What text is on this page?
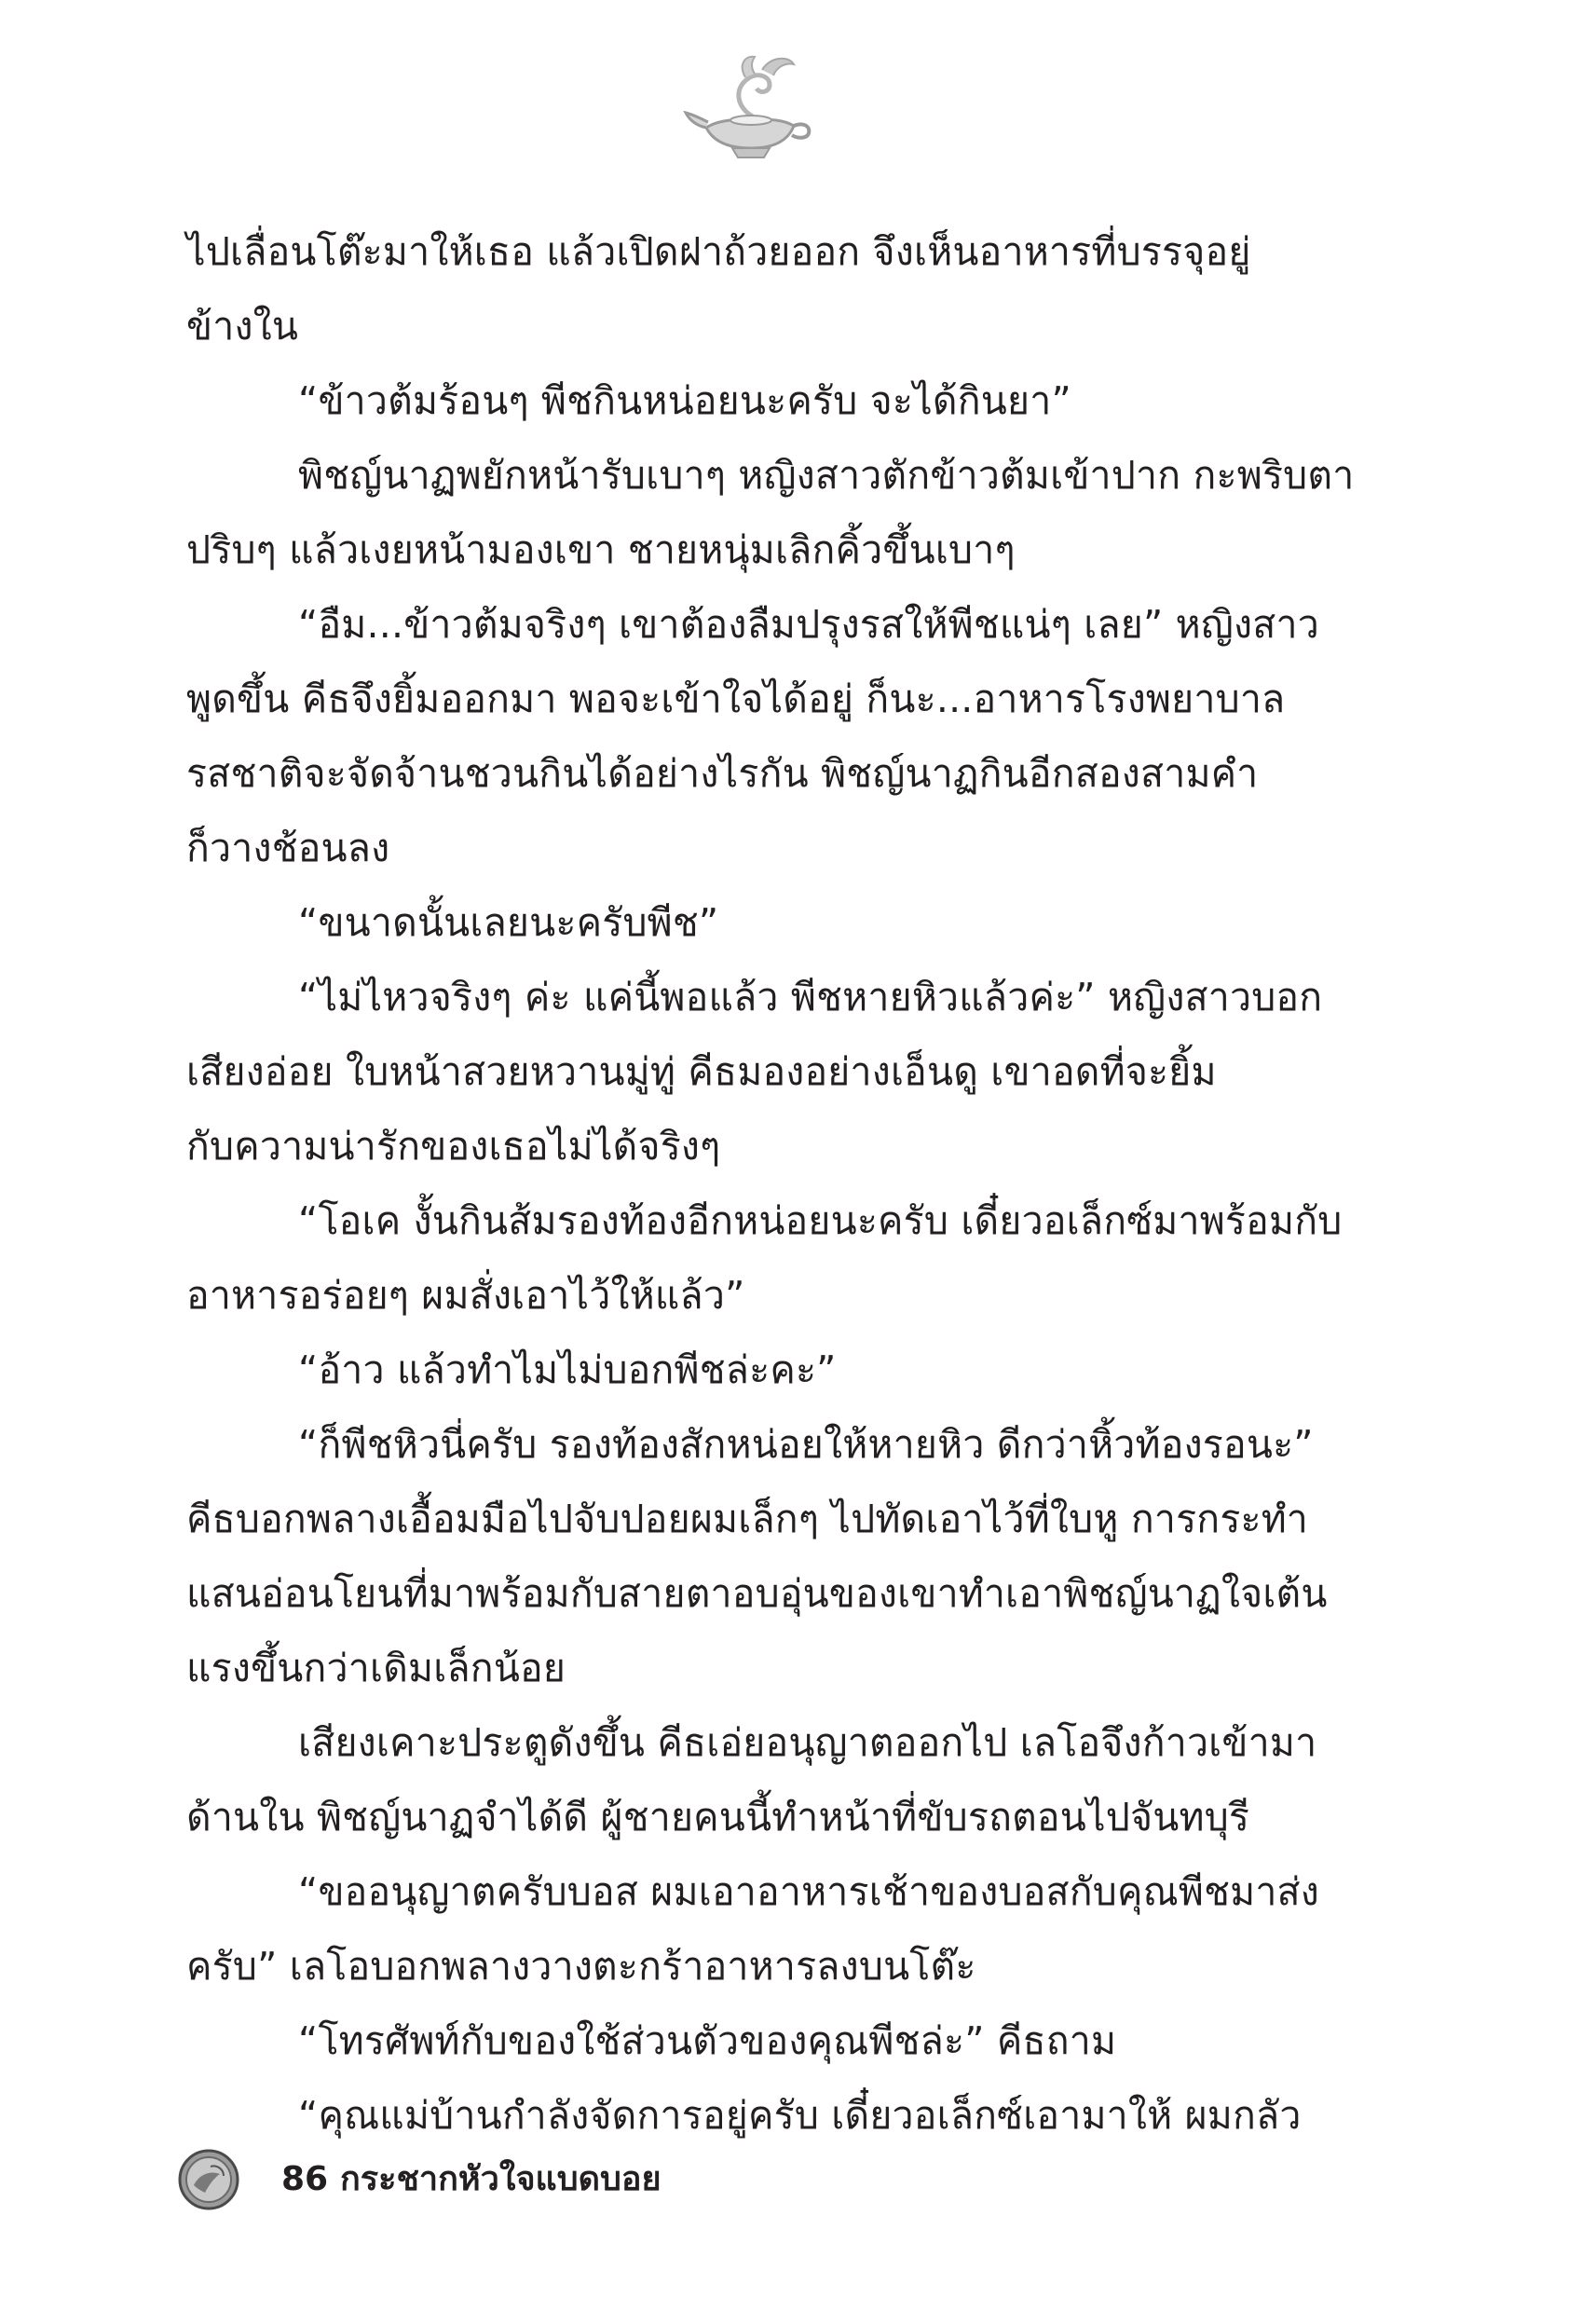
ไปเลื่อนโต๊ะมาให้เธอ แล้วเปิดฝาถ้วยออก จึงเห็นอาหารที่บรรจุอยู่
ข้างใน
“ข้าวต้มร้อนๆ พีชกินหน่อยนะครับ จะได้กินยา”
พิชญ์นาฏพยักหน้ารับเบาๆ หญิงสาวตักข้าวต้มเข้าปาก กะพริบตา
ปริบๆ แล้วเงยหน้ามองเขา ชายหนุ่มเลิกคิ้วขึ้นเบาๆ
“อืม...ข้าวต้มจริงๆ เขาต้องลืมปรุงรสให้พีชแน่ๆ เลย” หญิงสาว
พูดขึ้น คีธจึงยิ้มออกมา พอจะเข้าใจได้อยู่ ก็นะ...อาหารโรงพยาบาล
รสชาติจะจัดจ้านชวนกินได้อย่างไรกัน พิชญ์นาฏกินอีกสองสามคำ
ก็วางช้อนลง
“ขนาดนั้นเลยนะครับพีช”
“ไม่ไหวจริงๆ ค่ะ แค่นี้พอแล้ว พีชหายหิวแล้วค่ะ” หญิงสาวบอก
เสียงอ่อย ใบหน้าสวยหวานมู่ทู่ คีธมองอย่างเอ็นดู เขาอดที่จะยิ้ม
กับความน่ารักของเธอไม่ได้จริงๆ
“โอเค งั้นกินส้มรองท้องอีกหน่อยนะครับ เดี๋ยวอเล็กซ์มาพร้อมกับ
อาหารอร่อยๆ ผมสั่งเอาไว้ให้แล้ว”
“อ้าว แล้วทำไมไม่บอกพีชล่ะคะ”
“ก็พีชหิวนี่ครับ รองท้องสักหน่อยให้หายหิว ดีกว่าหิ้วท้องรอนะ”
คีธบอกพลางเอื้อมมือไปจับปอยผมเล็กๆ ไปทัดเอาไว้ที่ใบหู การกระทำ
แสนอ่อนโยนที่มาพร้อมกับสายตาอบอุ่นของเขาทำเอาพิชญ์นาฏใจเต้น
แรงขึ้นกว่าเดิมเล็กน้อย
เสียงเคาะประตูดังขึ้น คีธเอ่ยอนุญาตออกไป เลโอจึงก้าวเข้ามา
ด้านใน พิชญ์นาฏจำได้ดี ผู้ชายคนนี้ทำหน้าที่ขับรถตอนไปจันทบุรี
“ขออนุญาตครับบอส ผมเอาอาหารเช้าของบอสกับคุณพีชมาส่ง
ครับ” เลโอบอกพลางวางตะกร้าอาหารลงบนโต๊ะ
“โทรศัพท์กับของใช้ส่วนตัวของคุณพีชล่ะ” คีธถาม
“คุณแม่บ้านกำลังจัดการอยู่ครับ เดี๋ยวอเล็กซ์เอามาให้ ผมกลัว
86 กระชากหัวใจแบดบอย
